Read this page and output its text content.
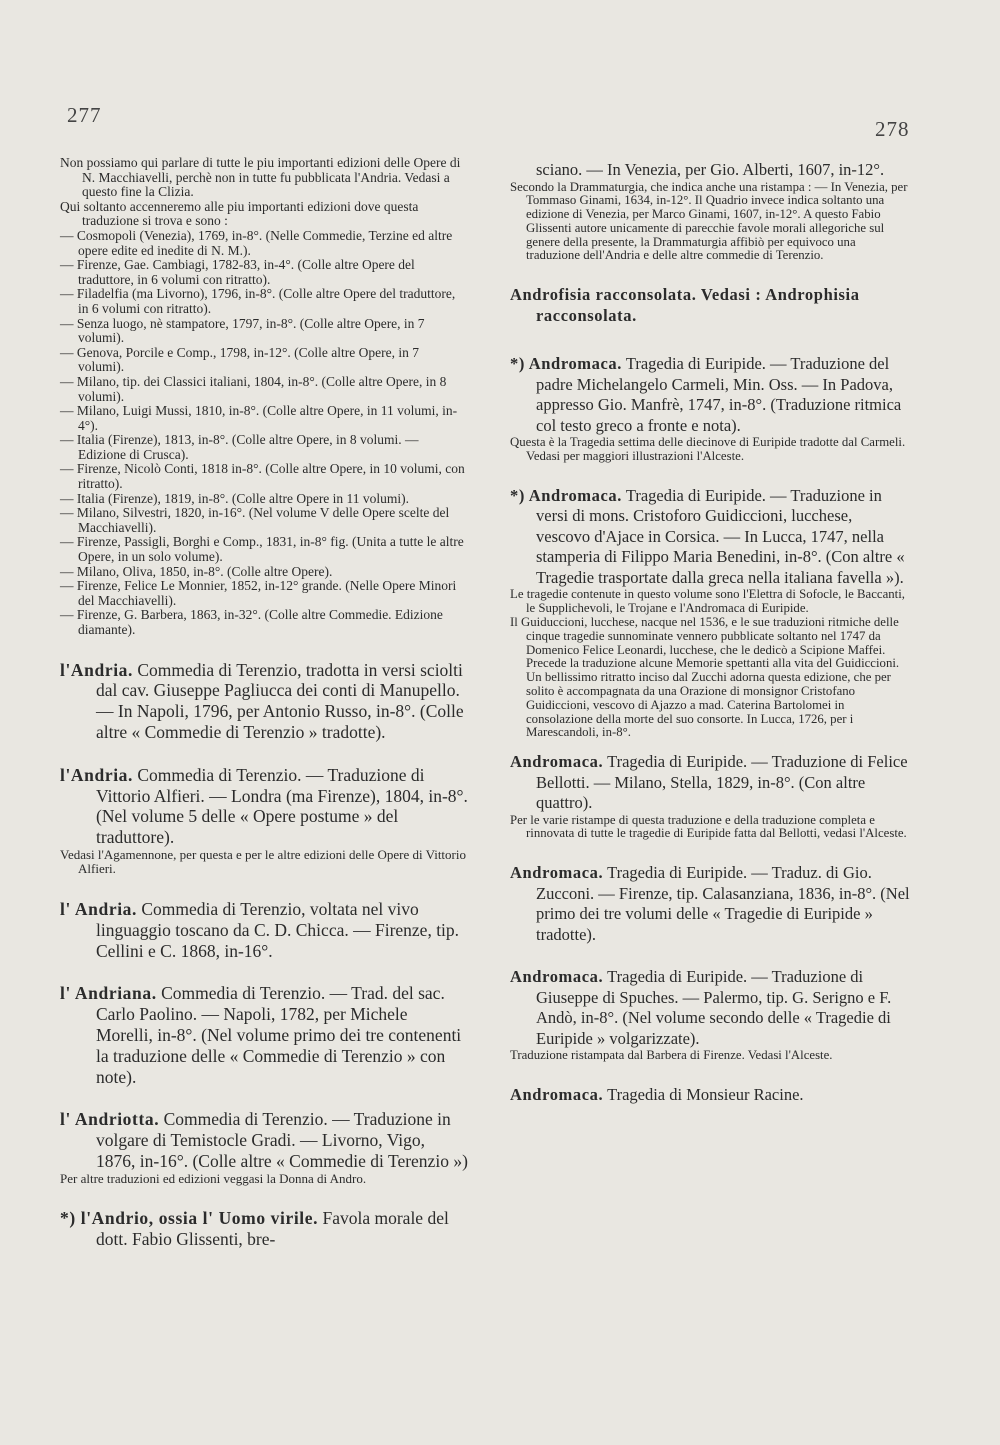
277
278

Non possiamo qui parlare di tutte le piu importanti edizioni delle Opere di N. Macchiavelli, perchè non in tutte fu pubblicata l'Andria. Vedasi a questo fine la Clizia.

Qui soltanto accenneremo alle piu importanti edizioni dove questa traduzione si trova e sono :

— Cosmopoli (Venezia), 1769, in-8°. (Nelle Commedie, Terzine ed altre opere edite ed inedite di N. M.).

— Firenze, Gae. Cambiagi, 1782-83, in-4°. (Colle altre Opere del traduttore, in 6 volumi con ritratto).

— Filadelfia (ma Livorno), 1796, in-8°. (Colle altre Opere del traduttore, in 6 volumi con ritratto).

— Senza luogo, nè stampatore, 1797, in-8°. (Colle altre Opere, in 7 volumi).

— Genova, Porcile e Comp., 1798, in-12°. (Colle altre Opere, in 7 volumi).

— Milano, tip. dei Classici italiani, 1804, in-8°. (Colle altre Opere, in 8 volumi).

— Milano, Luigi Mussi, 1810, in-8°. (Colle altre Opere, in 11 volumi, in-4°).

— Italia (Firenze), 1813, in-8°. (Colle altre Opere, in 8 volumi. — Edizione di Crusca).

— Firenze, Nicolò Conti, 1818 in-8°. (Colle altre Opere, in 10 volumi, con ritratto).

— Italia (Firenze), 1819, in-8°. (Colle altre Opere in 11 volumi).

— Milano, Silvestri, 1820, in-16°. (Nel volume V delle Opere scelte del Macchiavelli).

— Firenze, Passigli, Borghi e Comp., 1831, in-8° fig. (Unita a tutte le altre Opere, in un solo volume).

— Milano, Oliva, 1850, in-8°. (Colle altre Opere).

— Firenze, Felice Le Monnier, 1852, in-12° grande. (Nelle Opere Minori del Macchiavelli).

— Firenze, G. Barbera, 1863, in-32°. (Colle altre Commedie. Edizione diamante).

l'Andria. Commedia di Terenzio, tradotta in versi sciolti dal cav. Giuseppe Pagliucca dei conti di Manupello. — In Napoli, 1796, per Antonio Russo, in-8°. (Colle altre « Commedie di Terenzio » tradotte).

l'Andria. Commedia di Terenzio. — Traduzione di Vittorio Alfieri. — Londra (ma Firenze), 1804, in-8°. (Nel volume 5 delle « Opere postume » del traduttore).

Vedasi l'Agamennone, per questa e per le altre edizioni delle Opere di Vittorio Alfieri.

l' Andria. Commedia di Terenzio, voltata nel vivo linguaggio toscano da C. D. Chicca. — Firenze, tip. Cellini e C. 1868, in-16°.

l' Andriana. Commedia di Terenzio. — Trad. del sac. Carlo Paolino. — Napoli, 1782, per Michele Morelli, in-8°. (Nel volume primo dei tre contenenti la traduzione delle « Commedie di Terenzio » con note).

l' Andriotta. Commedia di Terenzio. — Traduzione in volgare di Temistocle Gradi. — Livorno, Vigo, 1876, in-16°. (Colle altre « Commedie di Terenzio »)

Per altre traduzioni ed edizioni veggasi la Donna di Andro.

*) l'Andrio, ossia l' Uomo virile. Favola morale del dott. Fabio Glissenti, bre-

sciano. — In Venezia, per Gio. Alberti, 1607, in-12°.

Secondo la Drammaturgia, che indica anche una ristampa : — In Venezia, per Tommaso Ginami, 1634, in-12°. Il Quadrio invece indica soltanto una edizione di Venezia, per Marco Ginami, 1607, in-12°. A questo Fabio Glissenti autore unicamente di parecchie favole morali allegoriche sul genere della presente, la Drammaturgia affibiò per equivoco una traduzione dell'Andria e delle altre commedie di Terenzio.

Androfisia racconsolata. Vedasi : Androphisia racconsolata.

*) Andromaca. Tragedia di Euripide. — Traduzione del padre Michelangelo Carmeli, Min. Oss. — In Padova, appresso Gio. Manfrè, 1747, in-8°. (Traduzione ritmica col testo greco a fronte e nota).

Questa è la Tragedia settima delle diecinove di Euripide tradotte dal Carmeli. Vedasi per maggiori illustrazioni l'Alceste.

*) Andromaca. Tragedia di Euripide. — Traduzione in versi di mons. Cristoforo Guidiccioni, lucchese, vescovo d'Ajace in Corsica. — In Lucca, 1747, nella stamperia di Filippo Maria Benedini, in-8°. (Con altre « Tragedie trasportate dalla greca nella italiana favella »).

Le tragedie contenute in questo volume sono l'Elettra di Sofocle, le Baccanti, le Supplichevoli, le Trojane e l'Andromaca di Euripide.

Il Guiduccioni, lucchese, nacque nel 1536, e le sue traduzioni ritmiche delle cinque tragedie sunnominate vennero pubblicate soltanto nel 1747 da Domenico Felice Leonardi, lucchese, che le dedicò a Scipione Maffei. Precede la traduzione alcune Memorie spettanti alla vita del Guidiccioni. Un bellissimo ritratto inciso dal Zucchi adorna questa edizione, che per solito è accompagnata da una Orazione di monsignor Cristofano Guidiccioni, vescovo di Ajazzo a mad. Caterina Bartolomei in consolazione della morte del suo consorte. In Lucca, 1726, per i Marescandoli, in-8°.

Andromaca. Tragedia di Euripide. — Traduzione di Felice Bellotti. — Milano, Stella, 1829, in-8°. (Con altre quattro).

Per le varie ristampe di questa traduzione e della traduzione completa e rinnovata di tutte le tragedie di Euripide fatta dal Bellotti, vedasi l'Alceste.

Andromaca. Tragedia di Euripide. — Traduz. di Gio. Zucconi. — Firenze, tip. Calasanziana, 1836, in-8°. (Nel primo dei tre volumi delle « Tragedie di Euripide » tradotte).

Andromaca. Tragedia di Euripide. — Traduzione di Giuseppe di Spuches. — Palermo, tip. G. Serigno e F. Andò, in-8°. (Nel volume secondo delle « Tragedie di Euripide » volgarizzate).

Traduzione ristampata dal Barbera di Firenze. Vedasi l'Alceste.

Andromaca. Tragedia di Monsieur Racine.
